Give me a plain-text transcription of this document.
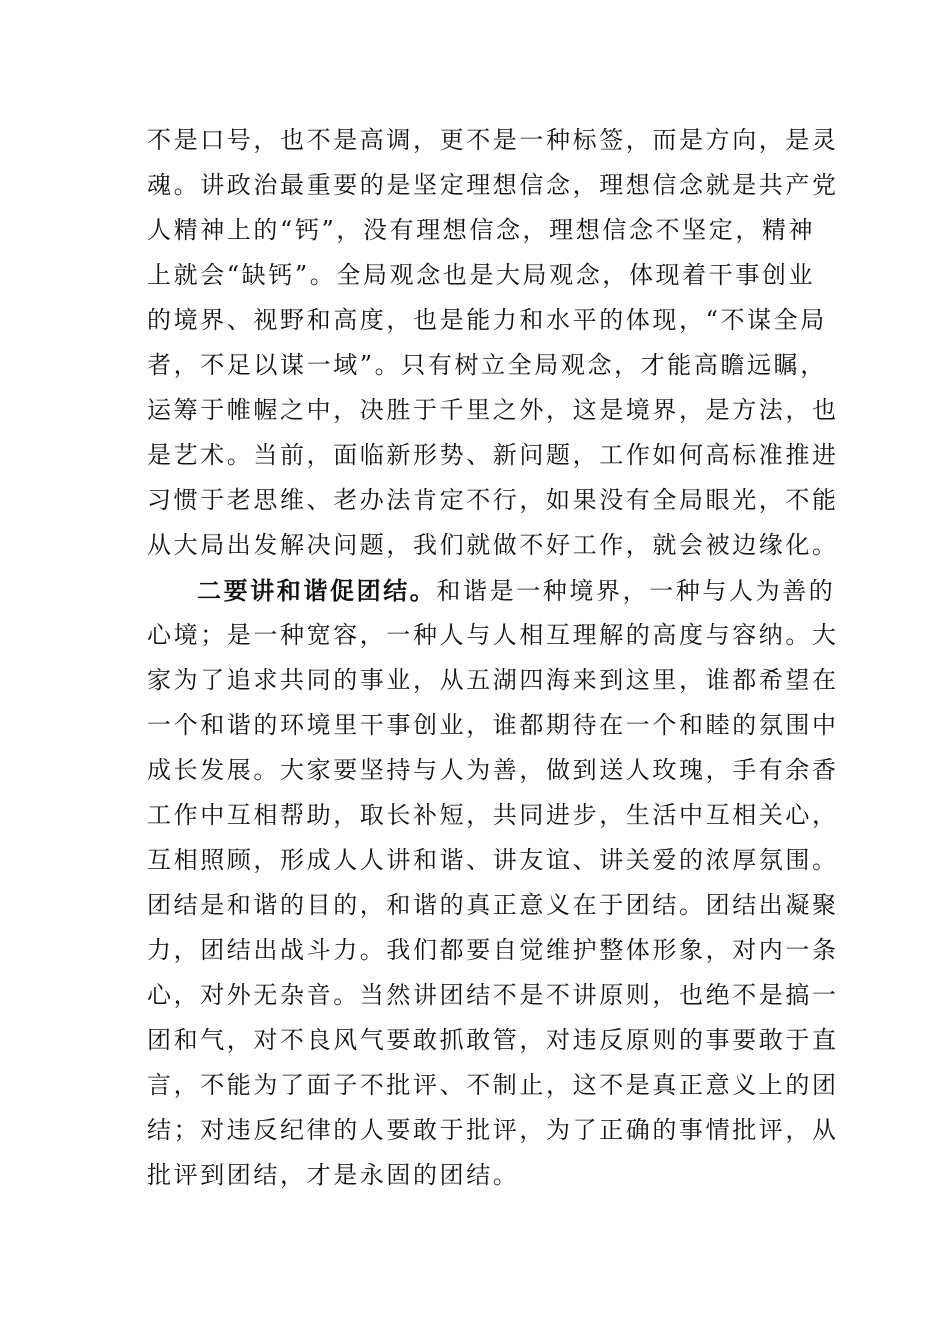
不是口号，也不是高调，更不是一种标签，而是方向，是灵
魂。讲政治最重要的是坚定理想信念，理想信念就是共产党
人精神上的“钙”，没有理想信念，理想信念不坚定，精神
上就会“缺钙”。全局观念也是大局观念，体现着干事创业
的境界、视野和高度，也是能力和水平的体现，“不谋全局
者，不足以谋一域”。只有树立全局观念，才能高瞻远瞩，
运筹于帷幄之中，决胜于千里之外，这是境界，是方法，也
是艺术。当前，面临新形势、新问题，工作如何高标准推进
习惯于老思维、老办法肯定不行，如果没有全局眼光，不能
从大局出发解决问题，我们就做不好工作，就会被边缘化。
二要讲和谐促团结。和谐是一种境界，一种与人为善的
心境；是一种宽容，一种人与人相互理解的高度与容纳。大
家为了追求共同的事业，从五湖四海来到这里，谁都希望在
一个和谐的环境里干事创业，谁都期待在一个和睦的氛围中
成长发展。大家要坚持与人为善，做到送人玫瑰，手有余香
工作中互相帮助，取长补短，共同进步，生活中互相关心，
互相照顾，形成人人讲和谐、讲友谊、讲关爱的浓厚氛围。
团结是和谐的目的，和谐的真正意义在于团结。团结出凝聚
力，团结出战斗力。我们都要自觉维护整体形象，对内一条
心，对外无杂音。当然讲团结不是不讲原则，也绝不是搞一
团和气，对不良风气要敢抓敢管，对违反原则的事要敢于直
言，不能为了面子不批评、不制止，这不是真正意义上的团
结；对违反纪律的人要敢于批评，为了正确的事情批评，从
批评到团结，才是永固的团结。
